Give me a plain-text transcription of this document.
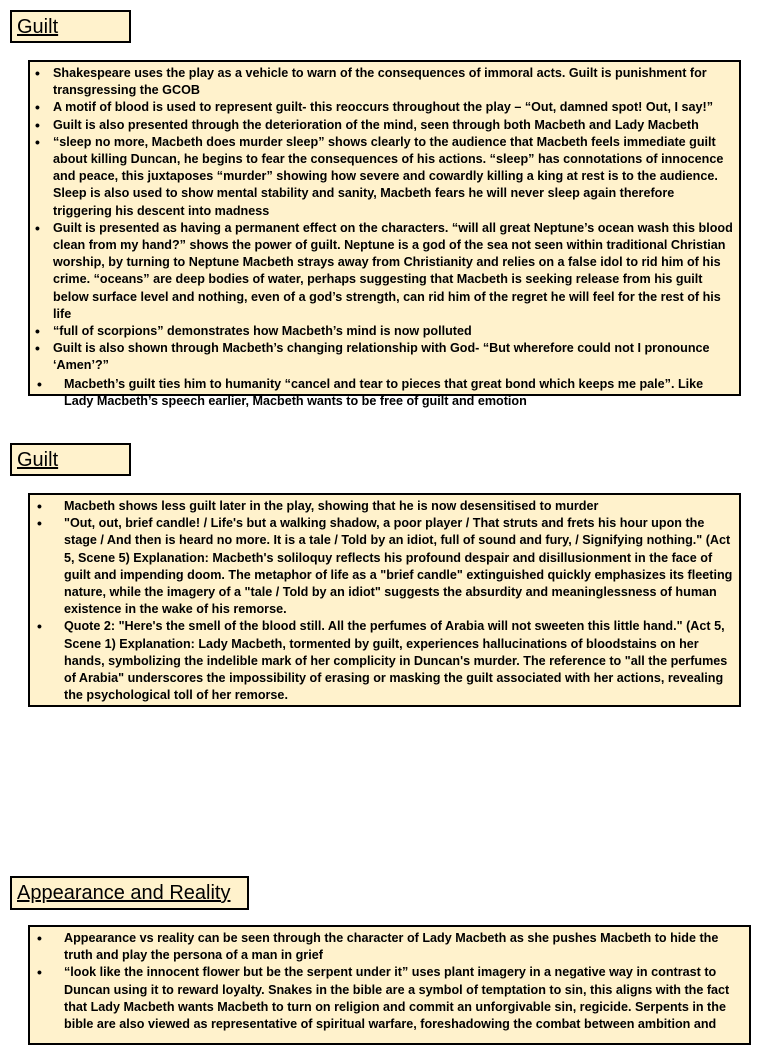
Guilt
• Shakespeare uses the play as a vehicle to warn of the consequences of immoral acts. Guilt is punishment for transgressing the GCOB
• A motif of blood is used to represent guilt- this reoccurs throughout the play – “Out, damned spot! Out, I say!”
• Guilt is also presented through the deterioration of the mind, seen through both Macbeth and Lady Macbeth
• “sleep no more, Macbeth does murder sleep” shows clearly to the audience that Macbeth feels immediate guilt about killing Duncan, he begins to fear the consequences of his actions. “sleep” has connotations of innocence and peace, this juxtaposes “murder” showing how severe and cowardly killing a king at rest is to the audience. Sleep is also used to show mental stability and sanity, Macbeth fears he will never sleep again therefore triggering his descent into madness
• Guilt is presented as having a permanent effect on the characters. “will all great Neptune’s ocean wash this blood clean from my hand?” shows the power of guilt. Neptune is a god of the sea not seen within traditional Christian worship, by turning to Neptune Macbeth strays away from Christianity and relies on a false idol to rid him of his crime. “oceans” are deep bodies of water, perhaps suggesting that Macbeth is seeking release from his guilt below surface level and nothing, even of a god’s strength, can rid him of the regret he will feel for the rest of his life
• “full of scorpions” demonstrates how Macbeth’s mind is now polluted
• Guilt is also shown through Macbeth’s changing relationship with God- “But wherefore could not I pronounce ‘Amen’?”
• Macbeth’s guilt ties him to humanity “cancel and tear to pieces that great bond which keeps me pale”. Like Lady Macbeth’s speech earlier, Macbeth wants to be free of guilt and emotion
Guilt
• Macbeth shows less guilt later in the play, showing that he is now desensitised to murder
• "Out, out, brief candle! / Life's but a walking shadow, a poor player / That struts and frets his hour upon the stage / And then is heard no more. It is a tale / Told by an idiot, full of sound and fury, / Signifying nothing." (Act 5, Scene 5) Explanation: Macbeth's soliloquy reflects his profound despair and disillusionment in the face of guilt and impending doom. The metaphor of life as a "brief candle" extinguished quickly emphasizes its fleeting nature, while the imagery of a "tale / Told by an idiot" suggests the absurdity and meaninglessness of human existence in the wake of his remorse.
• Quote 2: "Here's the smell of the blood still. All the perfumes of Arabia will not sweeten this little hand." (Act 5, Scene 1) Explanation: Lady Macbeth, tormented by guilt, experiences hallucinations of bloodstains on her hands, symbolizing the indelible mark of her complicity in Duncan's murder. The reference to "all the perfumes of Arabia" underscores the impossibility of erasing or masking the guilt associated with her actions, revealing the psychological toll of her remorse.
Appearance and Reality
• Appearance vs reality can be seen through the character of Lady Macbeth as she pushes Macbeth to hide the truth and play the persona of a man in grief
• “look like the innocent flower but be the serpent under it” uses plant imagery in a negative way in contrast to Duncan using it to reward loyalty. Snakes in the bible are a symbol of temptation to sin, this aligns with the fact that Lady Macbeth wants Macbeth to turn on religion and commit an unforgivable sin, regicide. Serpents in the bible are also viewed as representative of spiritual warfare, foreshadowing the combat between ambition and
